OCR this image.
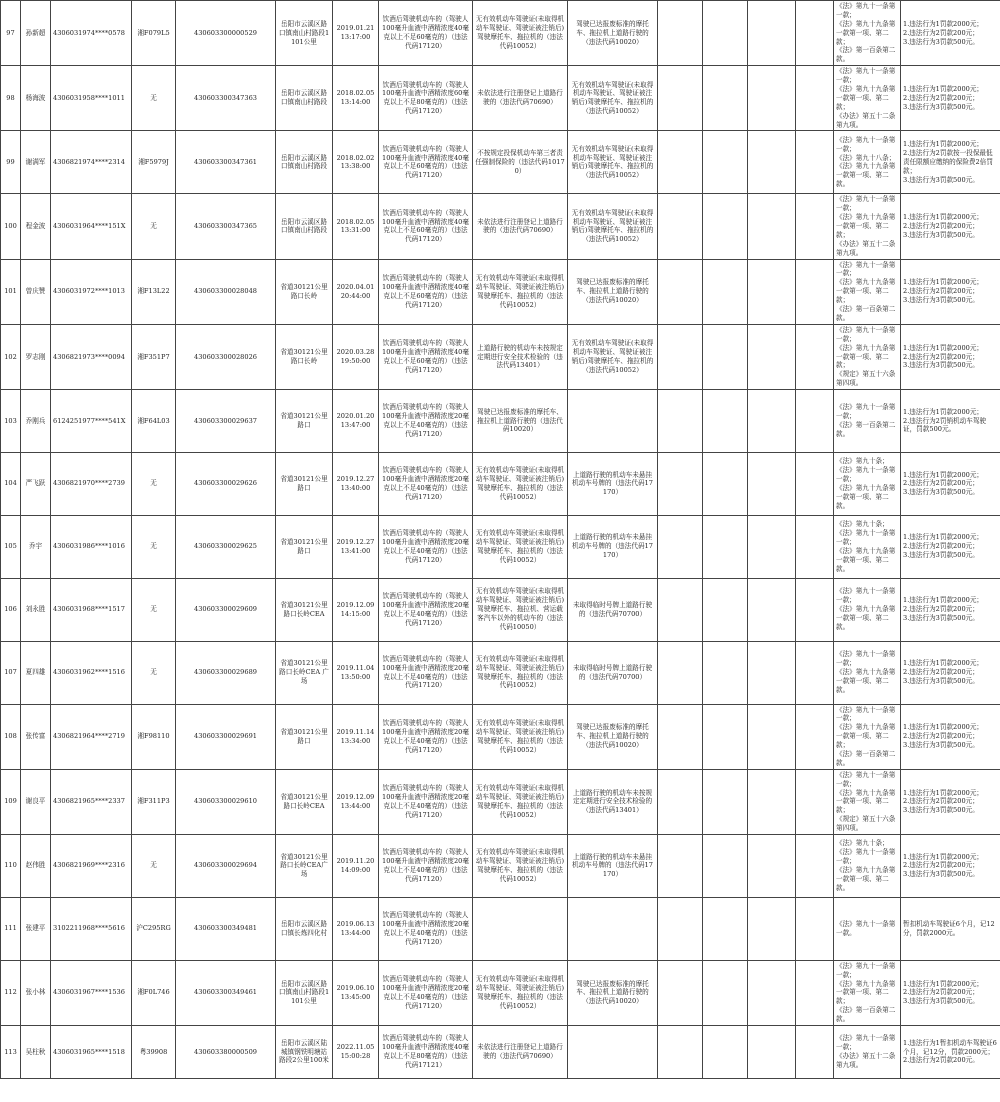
97	孙新超	4306031974****0578	湘F079L5	430603300000529	岳阳市云溪区路口镇南山村路段1101公里	2019.01.21
13:17:00	饮酒后驾驶机动车的（驾驶人100毫升血液中酒精浓度40毫克以上不足60毫克的）（违法代码17120）	无有效机动车驾驶证(未取得机动车驾驶证、驾驶证被注销后)驾驶摩托车、拖拉机的（违法代码10052）	驾驶已达报废标准的摩托车、拖拉机上道路行驶的（违法代码10020）					《法》第九十一条第一款；
《法》第九十九条第一款第一项、第二款；
《法》第一百条第二款。	1.违法行为1罚款2000元；
2.违法行为2罚款200元；
3.违法行为3罚款500元。
98	杨海波	4306031958****1011	无	430603300347363	岳阳市云溪区路口镇南山村路段	2018.02.05
13:14:00	饮酒后驾驶机动车的（驾驶人100毫升血液中酒精浓度60毫克以上不足80毫克的）（违法代码17120）	未依法进行注册登记上道路行驶的（违法代码70690）	无有效机动车驾驶证(未取得机动车驾驶证、驾驶证被注销后)驾驶摩托车、拖拉机的（违法代码10052）					《法》第九十一条第一款；
《法》第九十九条第一款第一项、第二款；
《办法》第五十二条第九项。	1.违法行为1罚款2000元；
2.违法行为2罚款200元；
3.违法行为3罚款500元。
99	谢满军	4306821974****2314	湘F5979J	430603300347361	岳阳市云溪区路口镇南山村路段	2018.02.02
13:38:00	饮酒后驾驶机动车的（驾驶人100毫升血液中酒精浓度40毫克以上不足60毫克的）（违法代码17120）	不按规定投保机动车第三者责任强制保险的（违法代码10170）	无有效机动车驾驶证(未取得机动车驾驶证、驾驶证被注销后)驾驶摩托车、拖拉机的（违法代码10052）					《法》第九十一条第一款；
《法》第九十八条；
《法》第九十九条第一款第一项、第二款。	1.违法行为1罚款2000元；
2.违法行为2罚款按一投保最低责任限额应缴纳的保险费2倍罚款；
3.违法行为3罚款500元。
100	程金波	4306031964****151X	无	430603300347365	岳阳市云溪区路口镇南山村路段	2018.02.05
13:31:00	饮酒后驾驶机动车的（驾驶人100毫升血液中酒精浓度40毫克以上不足60毫克的）（违法代码17120）	未依法进行注册登记上道路行驶的（违法代码70690）	无有效机动车驾驶证(未取得机动车驾驶证、驾驶证被注销后)驾驶摩托车、拖拉机的（违法代码10052）					《法》第九十一条第一款；
《法》第九十九条第一款第一项、第二款；
《办法》第五十二条第九项。	1.违法行为1罚款2000元；
2.违法行为2罚款200元；
3.违法行为3罚款500元。
101	曾庆赞	4306031972****1013	湘F13L22	430603300028048	省道30121公里路口长岭	2020.04.01
20:44:00	饮酒后驾驶机动车的（驾驶人100毫升血液中酒精浓度40毫克以上不足60毫克的）（违法代码17120）	无有效机动车驾驶证(未取得机动车驾驶证、驾驶证被注销后)驾驶摩托车、拖拉机的（违法代码10052）	驾驶已达报废标准的摩托车、拖拉机上道路行驶的（违法代码10020）					《法》第九十一条第一款；
《法》第九十九条第一款第一项、第二款；
《法》第一百条第二款。	1.违法行为1罚款2000元；
2.违法行为2罚款200元；
3.违法行为3罚款500元。
102	罗志刚	4306821973****0094	湘F351P7	430603300028026	省道30121公里路口长岭	2020.03.28
19:50:00	饮酒后驾驶机动车的（驾驶人100毫升血液中酒精浓度40毫克以上不足60毫克的）（违法代码17120）	上道路行驶的机动车未按规定定期进行安全技术检验的（违法代码13401）	无有效机动车驾驶证(未取得机动车驾驶证、驾驶证被注销后)驾驶摩托车、拖拉机的（违法代码10052）					《法》第九十一条第一款；
《法》第九十九条第一款第一项、第二款；
《规定》第五十六条第四项。	1.违法行为1罚款2000元；
2.违法行为2罚款200元；
3.违法行为3罚款500元。
103	乔刚兵	6124251977****541X	湘F64L03	430603300029637	省道30121公里路口	2020.01.20
13:47:00	饮酒后驾驶机动车的（驾驶人100毫升血液中酒精浓度20毫克以上不足40毫克的）（违法代码17120）	驾驶已达报废标准的摩托车、拖拉机上道路行驶的（违法代码10020）						《法》第九十一条第一款；
《法》第一百条第二款。	1.违法行为1罚款2000元；
2.违法行为2罚销机动车驾驶证，罚款500元。
104	严飞跃	4306821970****2739	无	430603300029626	省道30121公里路口	2019.12.27
13:40:00	饮酒后驾驶机动车的（驾驶人100毫升血液中酒精浓度20毫克以上不足40毫克的）（违法代码17120）	无有效机动车驾驶证(未取得机动车驾驶证、驾驶证被注销后)驾驶摩托车、拖拉机的（违法代码10052）	上道路行驶的机动车未悬挂机动车号牌的（违法代码17170）					《法》第九十条；
《法》第九十一条第一款；
《法》第九十九条第一款第一项、第二款。	1.违法行为1罚款2000元；
2.违法行为2罚款200元；
3.违法行为3罚款500元。
105	乔宇	4306031986****1016	无	430603300029625	省道30121公里路口	2019.12.27
13:41:00	饮酒后驾驶机动车的（驾驶人100毫升血液中酒精浓度20毫克以上不足40毫克的）（违法代码17120）	无有效机动车驾驶证(未取得机动车驾驶证、驾驶证被注销后)驾驶摩托车、拖拉机的（违法代码10052）	上道路行驶的机动车未悬挂机动车号牌的（违法代码17170）					《法》第九十条；
《法》第九十一条第一款；
《法》第九十九条第一款第一项、第二款。	1.违法行为1罚款2000元；
2.违法行为2罚款200元；
3.违法行为3罚款500元。
106	刘永胜	4306031968****1517	无	430603300029609	省道30121公里路口长岭CEA	2019.12.09
14:15:00	饮酒后驾驶机动车的（驾驶人100毫升血液中酒精浓度20毫克以上不足40毫克的）（违法代码17120）	无有效机动车驾驶证(未取得机动车驾驶证、驾驶证被注销后)驾驶摩托车、拖拉机、营运载客汽车以外的机动车的（违法代码10050）	未取得临时号牌上道路行驶的（违法代码70700）					《法》第九十一条第一款；
《法》第九十九条第一款第一项、第二款。	1.违法行为1罚款2000元；
2.违法行为2罚款200元；
3.违法行为3罚款500元。
107	夏四雄	4306031962****1516	无	430603300029689	省道30121公里路口长岭CEA 广场	2019.11.04
13:50:00	饮酒后驾驶机动车的（驾驶人100毫升血液中酒精浓度20毫克以上不足40毫克的）（违法代码17120）	无有效机动车驾驶证(未取得机动车驾驶证、驾驶证被注销后)驾驶摩托车、拖拉机的（违法代码10052）	未取得临时号牌上道路行驶的（违法代码70700）					《法》第九十一条第一款；
《法》第九十九条第一款第一项、第二款。	1.违法行为1罚款2000元；
2.违法行为2罚款200元；
3.违法行为3罚款500元。
108	张传富	4306821964****2719	湘F98110	430603300029691	省道30121公里路口	2019.11.14
13:34:00	饮酒后驾驶机动车的（驾驶人100毫升血液中酒精浓度20毫克以上不足40毫克的）（违法代码17120）	无有效机动车驾驶证(未取得机动车驾驶证、驾驶证被注销后)驾驶摩托车、拖拉机的（违法代码10052）	驾驶已达报废标准的摩托车、拖拉机上道路行驶的（违法代码10020）					《法》第九十一条第一款；
《法》第九十九条第一款第一项、第二款；
《法》第一百条第二款。	1.违法行为1罚款2000元；
2.违法行为2罚款200元；
3.违法行为3罚款500元。
109	谢良平	4306821965****2337	湘F311P3	430603300029610	省道30121公里路口长岭CEA	2019.12.09
13:44:00	饮酒后驾驶机动车的（驾驶人100毫升血液中酒精浓度20毫克以上不足40毫克的）（违法代码17120）	无有效机动车驾驶证(未取得机动车驾驶证、驾驶证被注销后)驾驶摩托车、拖拉机的（违法代码10052）	上道路行驶的机动车未按规定定期进行安全技术检验的（违法代码13401）					《法》第九十一条第一款；
《法》第九十九条第一款第一项、第二款；
《规定》第五十六条第四项。	1.违法行为1罚款2000元；
2.违法行为2罚款200元；
3.违法行为3罚款500元。
110	赵伟胜	4306821969****2316	无	430603300029694	省道30121公里路口长岭CEA广场	2019.11.20
14:09:00	饮酒后驾驶机动车的（驾驶人100毫升血液中酒精浓度20毫克以上不足40毫克的）（违法代码17120）	无有效机动车驾驶证(未取得机动车驾驶证、驾驶证被注销后)驾驶摩托车、拖拉机的（违法代码10052）	上道路行驶的机动车未悬挂机动车号牌的（违法代码17170）					《法》第九十条；
《法》第九十一条第一款；
《法》第九十九条第一款第一项、第二款。	1.违法行为1罚款2000元；
2.违法行为2罚款200元；
3.违法行为3罚款500元。
111	张建平	3102211968****5616	沪C295RG	430603300349481	岳阳市云溪区路口镇长炼四化村	2019.06.13
13:44:00	饮酒后驾驶机动车的（驾驶人100毫升血液中酒精浓度20毫克以上不足40毫克的）（违法代码17120）							《法》第九十一条第一款。	暂扣机动车驾驶证6个月，记12分，罚款2000元。
112	张小林	4306031967****1536	湘F0L746	430603300349461	岳阳市云溪区路口镇南山村路段1101公里	2019.06.10
13:45:00	饮酒后驾驶机动车的（驾驶人100毫升血液中酒精浓度20毫克以上不足40毫克的）（违法代码17120）	无有效机动车驾驶证(未取得机动车驾驶证、驾驶证被注销后)驾驶摩托车、拖拉机的（违法代码10052）	驾驶已达报废标准的摩托车、拖拉机上道路行驶的（违法代码10020）					《法》第九十一条第一款；
《法》第九十九条第一款第一项、第二款；
《法》第一百条第二款。	1.违法行为1罚款2000元；
2.违法行为2罚款200元；
3.违法行为3罚款500元。
113	吴柱秋	4306031965****1518	粤39908	430603380000509	岳阳市云溪区陆城镇钢铁明塘站路段2公里100米	2022.11.05
15:00:28	饮酒后驾驶机动车的（驾驶人100毫升血液中酒精浓度40毫克以上不足80毫克的）（违法代码17121）	未依法进行注册登记上道路行驶的（违法代码70690）						《法》第九十一条第一款；
《办法》第五十二条第九项。	1.违法行为1暂扣机动车驾驶证6个月，记12分，罚款2000元；
2.违法行为2罚款200元。
